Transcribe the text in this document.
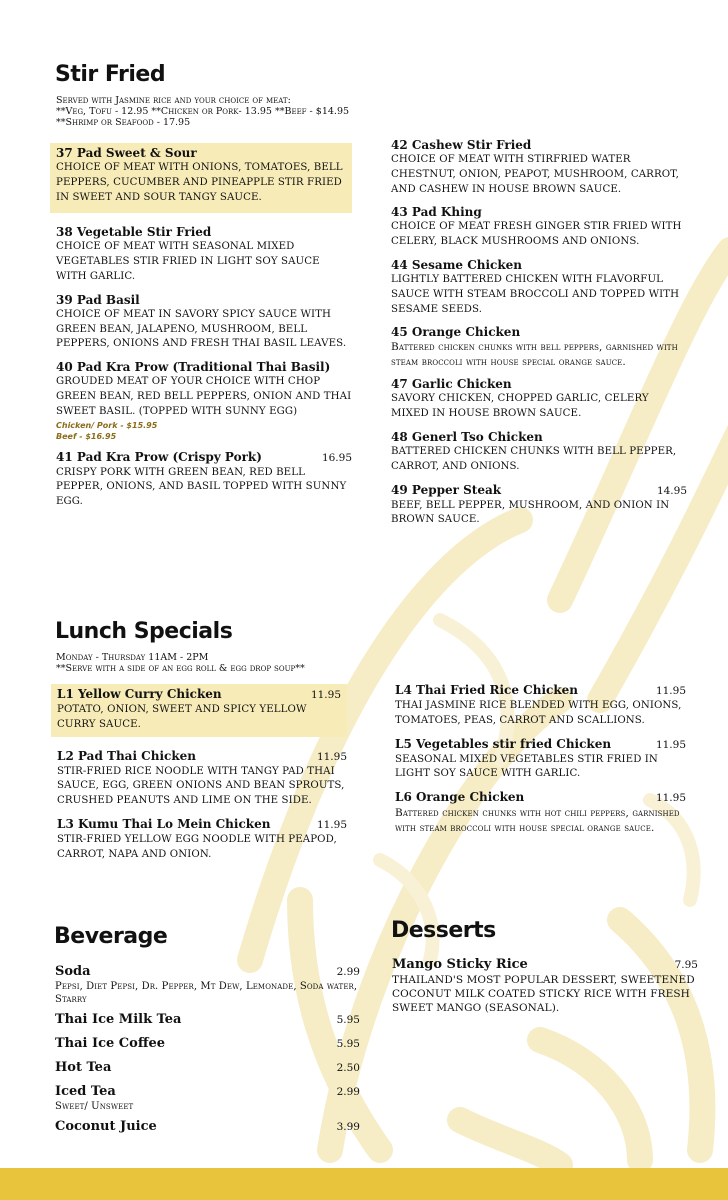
Stir Fried
Served with Jasmine rice and your choice of meat:
**Veg, Tofu - 12.95 **Chicken or Pork- 13.95 **Beef - $14.95
**Shrimp or Seafood - 17.95
37 Pad Sweet & Sour
CHOICE OF MEAT WITH ONIONS, TOMATOES, BELL PEPPERS, CUCUMBER AND PINEAPPLE STIR FRIED IN SWEET AND SOUR TANGY SAUCE.
38 Vegetable Stir Fried
CHOICE OF MEAT WITH SEASONAL MIXED VEGETABLES STIR FRIED IN LIGHT SOY SAUCE WITH GARLIC.
39 Pad Basil
CHOICE OF MEAT IN SAVORY SPICY SAUCE WITH GREEN BEAN, JALAPENO, MUSHROOM, BELL PEPPERS, ONIONS AND FRESH THAI BASIL LEAVES.
40 Pad Kra Prow (Traditional Thai Basil)
GROUDED MEAT OF YOUR CHOICE WITH CHOP GREEN BEAN, RED BELL PEPPERS, ONION AND THAI SWEET BASIL. (TOPPED WITH SUNNY EGG)
Chicken/ Pork - $15.95
Beef - $16.95
41 Pad Kra Prow (Crispy Pork)	16.95
CRISPY PORK WITH GREEN BEAN, RED BELL PEPPER, ONIONS, AND BASIL TOPPED WITH SUNNY EGG.
42 Cashew Stir Fried
CHOICE OF MEAT WITH STIRFRIED WATER CHESTNUT, ONION, PEAPOT, MUSHROOM, CARROT, AND CASHEW IN HOUSE BROWN SAUCE.
43 Pad Khing
CHOICE OF MEAT FRESH GINGER STIR FRIED WITH CELERY, BLACK MUSHROOMS AND ONIONS.
44 Sesame Chicken
LIGHTLY BATTERED CHICKEN WITH FLAVORFUL SAUCE WITH STEAM BROCCOLI AND TOPPED WITH SESAME SEEDS.
45 Orange Chicken
Battered chicken chunks with bell peppers, garnished with steam broccoli with house special orange sauce.
47 Garlic Chicken
SAVORY CHICKEN, CHOPPED GARLIC, CELERY MIXED IN HOUSE BROWN SAUCE.
48 Generl Tso Chicken
BATTERED CHICKEN CHUNKS WITH BELL PEPPER, CARROT, AND ONIONS.
49 Pepper Steak	14.95
BEEF, BELL PEPPER, MUSHROOM, AND ONION IN BROWN SAUCE.
Lunch Specials
Monday - Thursday 11AM - 2PM
**Serve with a side of an egg roll & egg drop soup**
L1 Yellow Curry Chicken	11.95
POTATO, ONION, SWEET AND SPICY YELLOW CURRY SAUCE.
L2 Pad Thai Chicken	11.95
STIR-FRIED RICE NOODLE WITH TANGY PAD THAI SAUCE, EGG, GREEN ONIONS AND BEAN SPROUTS, CRUSHED PEANUTS AND LIME ON THE SIDE.
L3 Kumu Thai Lo Mein Chicken	11.95
STIR-FRIED YELLOW EGG NOODLE WITH PEAPOD, CARROT, NAPA AND ONION.
L4 Thai Fried Rice Chicken	11.95
THAI JASMINE RICE BLENDED WITH EGG, ONIONS, TOMATOES, PEAS, CARROT AND SCALLIONS.
L5 Vegetables stir fried Chicken	11.95
SEASONAL MIXED VEGETABLES STIR FRIED IN LIGHT SOY SAUCE WITH GARLIC.
L6 Orange Chicken	11.95
Battered chicken chunks with hot chili peppers, garnished with steam broccoli with house special orange sauce.
Beverage
Soda	2.99
Pepsi, Diet Pepsi, Dr. Pepper, Mt Dew, Lemonade, Soda water, Starry
Thai Ice Milk Tea	5.95
Thai Ice Coffee	5.95
Hot Tea	2.50
Iced Tea	2.99
Sweet/ Unsweet
Coconut Juice	3.99
Desserts
Mango Sticky Rice	7.95
THAILAND'S MOST POPULAR DESSERT, SWEETENED COCONUT MILK COATED STICKY RICE WITH FRESH SWEET MANGO (SEASONAL).
